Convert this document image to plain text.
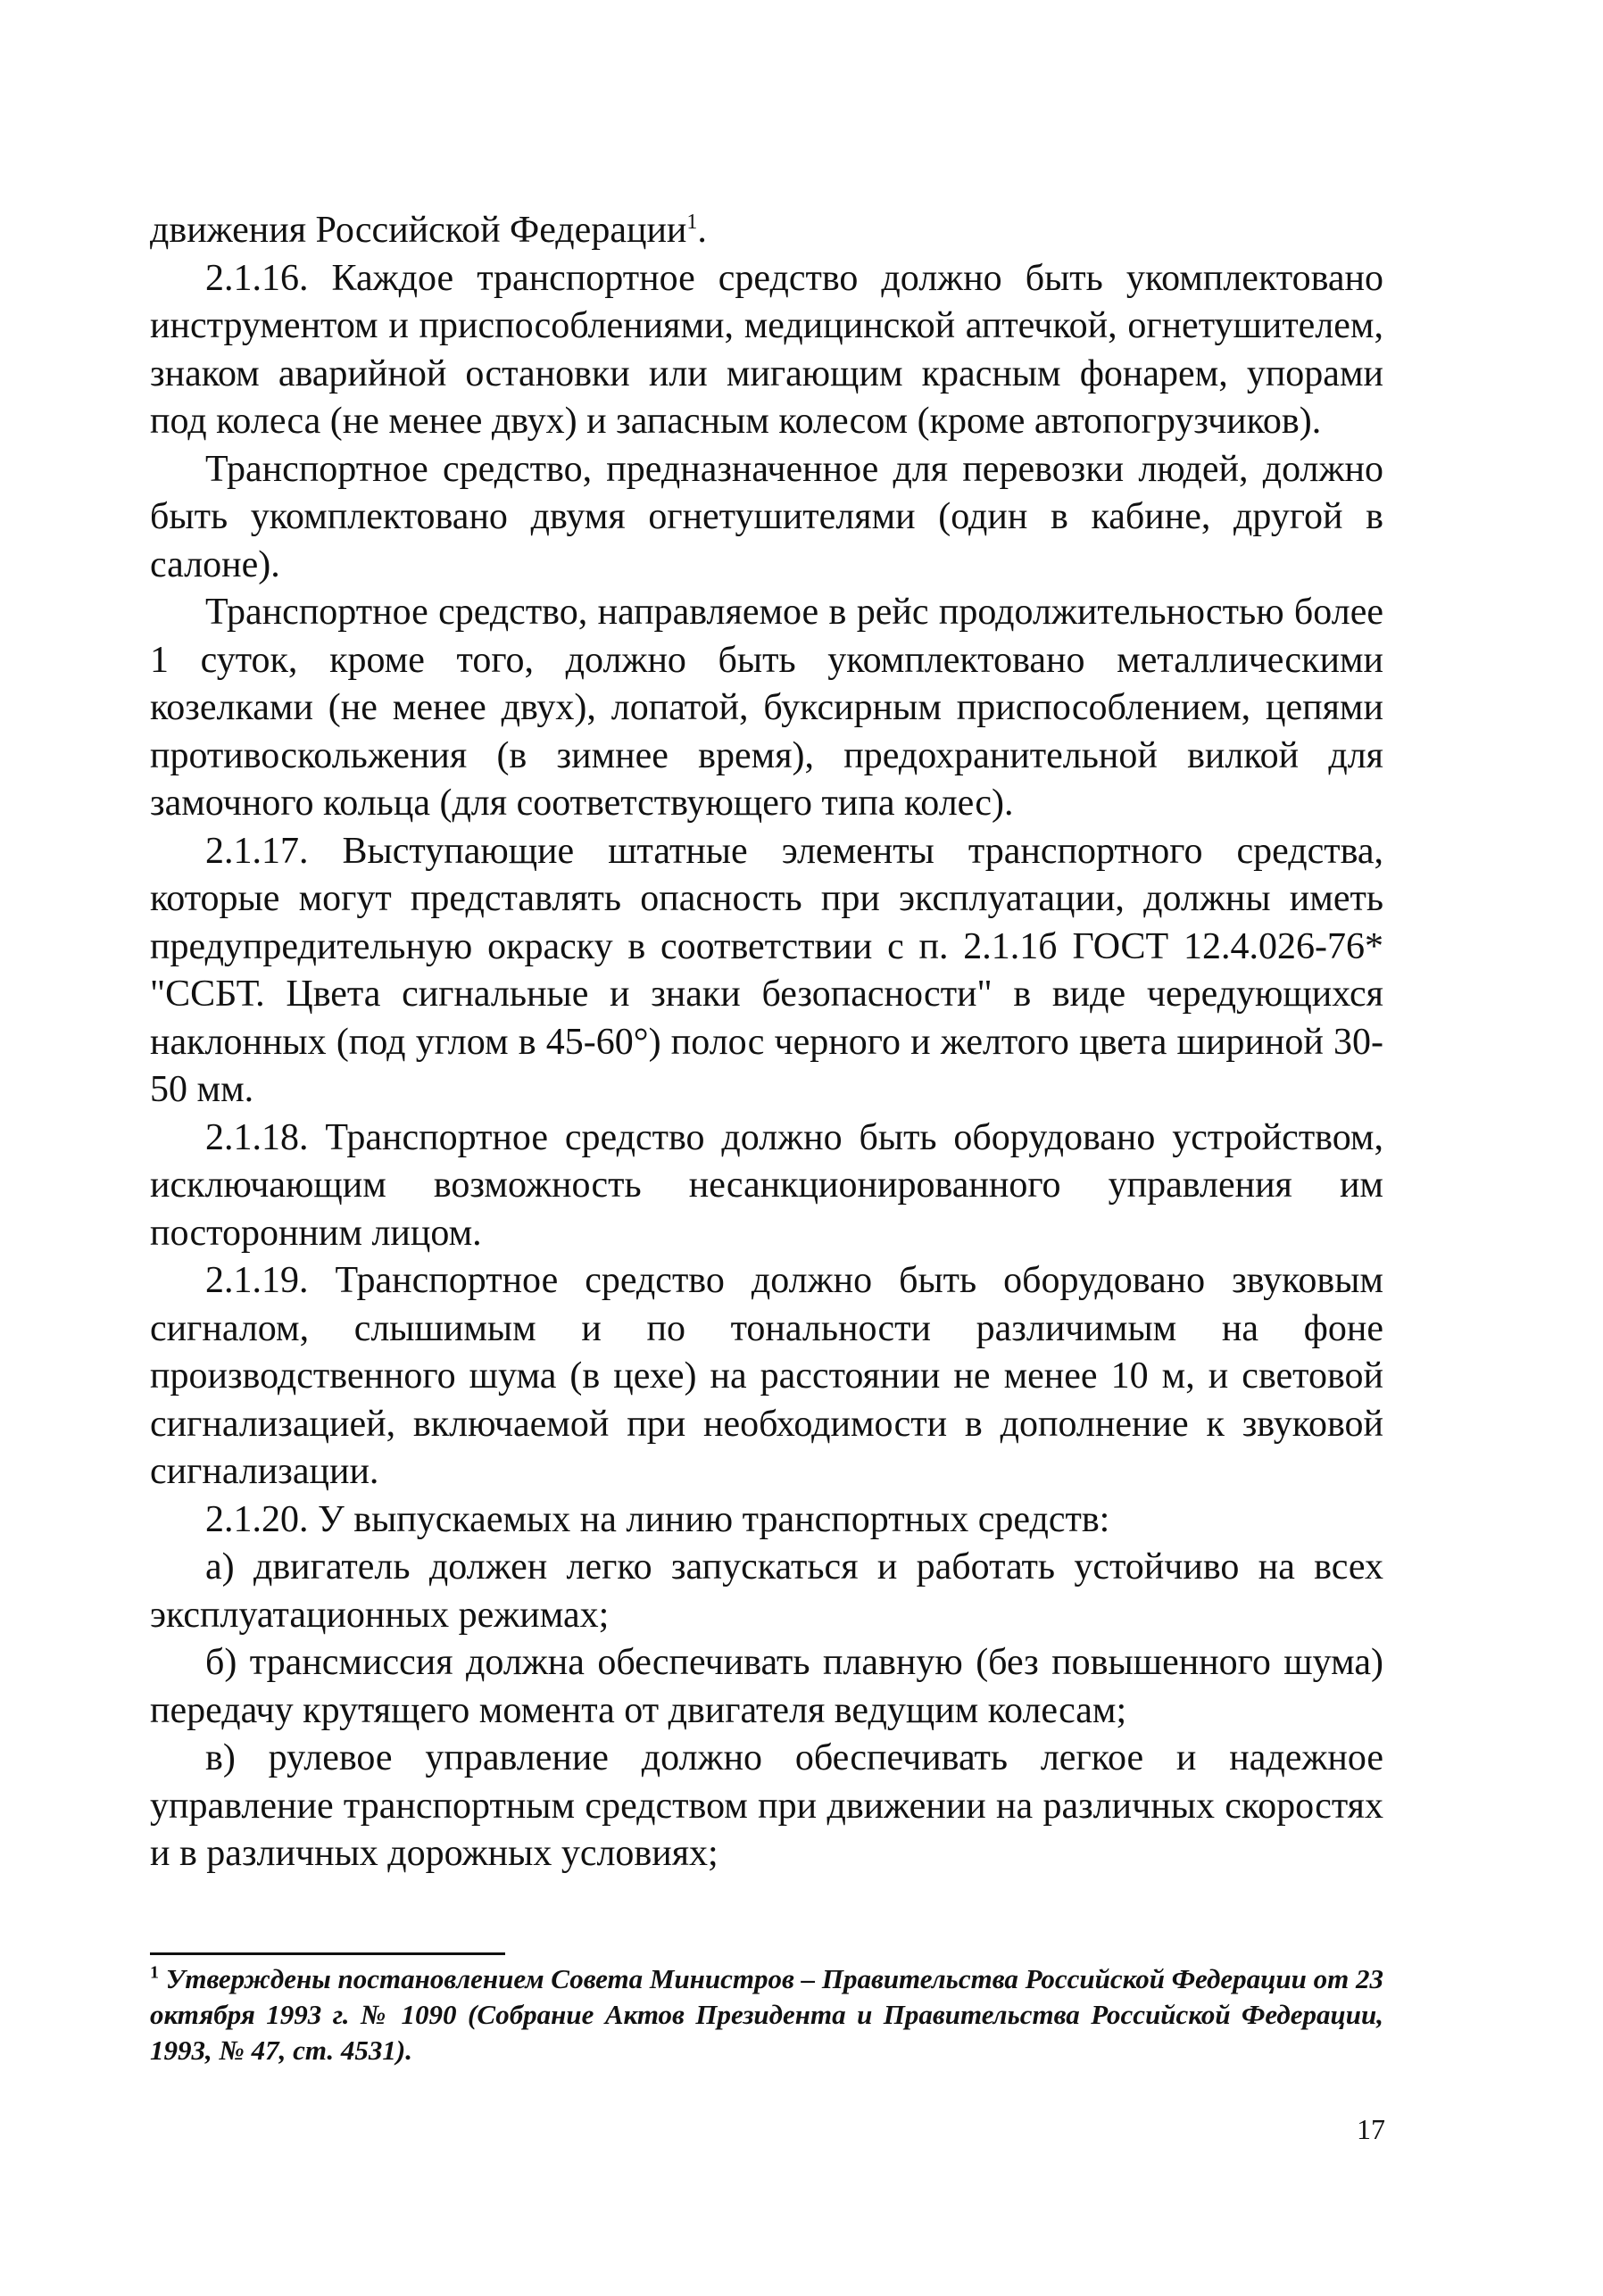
движения Российской Федерации$^1$.

2.1.16. Каждое транспортное средство должно быть укомплектовано инструментом и приспособлениями, медицинской аптечкой, огнетушителем, знаком аварийной остановки или мигающим красным фонарем, упорами под колеса (не менее двух) и запасным колесом (кроме автопогрузчиков).

Транспортное средство, предназначенное для перевозки людей, должно быть укомплектовано двумя огнетушителями (один в кабине, другой в салоне).

Транспортное средство, направляемое в рейс продолжительностью более 1 суток, кроме того, должно быть укомплектовано металлическими козелками (не менее двух), лопатой, буксирным приспособлением, цепями противоскольжения (в зимнее время), предохранительной вилкой для замочного кольца (для соответствующего типа колес).

2.1.17. Выступающие штатные элементы транспортного средства, которые могут представлять опасность при эксплуатации, должны иметь предупредительную окраску в соответствии с п. 2.1.1б ГОСТ 12.4.026-76* "ССБТ. Цвета сигнальные и знаки безопасности" в виде чередующихся наклонных (под углом в 45-60°) полос черного и желтого цвета шириной 30-50 мм.

2.1.18. Транспортное средство должно быть оборудовано устройством, исключающим возможность несанкционированного управления им посторонним лицом.

2.1.19. Транспортное средство должно быть оборудовано звуковым сигналом, слышимым и по тональности различимым на фоне производственного шума (в цехе) на расстоянии не менее 10 м, и световой сигнализацией, включаемой при необходимости в дополнение к звуковой сигнализации.

2.1.20. У выпускаемых на линию транспортных средств:

а) двигатель должен легко запускаться и работать устойчиво на всех эксплуатационных режимах;

б) трансмиссия должна обеспечивать плавную (без повышенного шума) передачу крутящего момента от двигателя ведущим колесам;

в) рулевое управление должно обеспечивать легкое и надежное управление транспортным средством при движении на различных скоростях и в различных дорожных условиях;

$^1$ Утверждены постановлением Совета Министров – Правительства Российской Федерации от 23 октября 1993 г. № 1090 (Собрание Актов Президента и Правительства Российской Федерации, 1993, № 47, ст. 4531).
17
